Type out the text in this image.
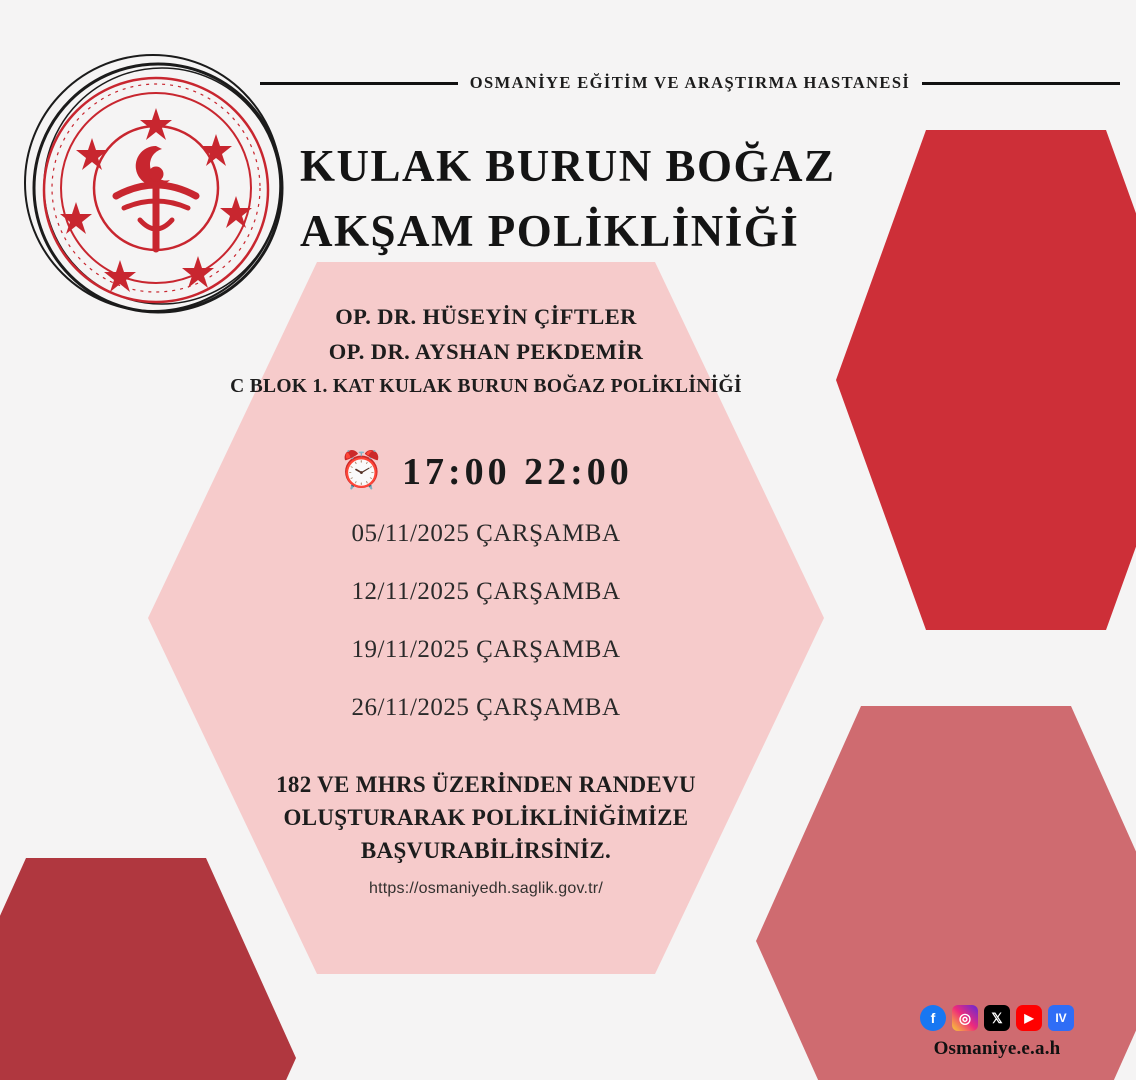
OSMANİYE EĞİTİM VE ARAŞTIRMA HASTANESİ
KULAK BURUN BOĞAZ
AKŞAM POLİKLİNİĞİ
OP. DR. HÜSEYİN ÇİFTLER
OP. DR. AYSHAN PEKDEMİR
C BLOK 1. KAT KULAK BURUN BOĞAZ POLİKLİNİĞİ
⏰ 17:00 22:00

05/11/2025 ÇARŞAMBA

12/11/2025 ÇARŞAMBA

19/11/2025 ÇARŞAMBA

26/11/2025 ÇARŞAMBA

182 VE MHRS ÜZERİNDEN RANDEVU
OLUŞTURARAK POLİKLİNİĞİMİZE
BAŞVURABİLİRSİNİZ.
https://osmaniyedh.saglik.gov.tr/
f	◎	𝕏	▶	IV
Osmaniye.e.a.h
